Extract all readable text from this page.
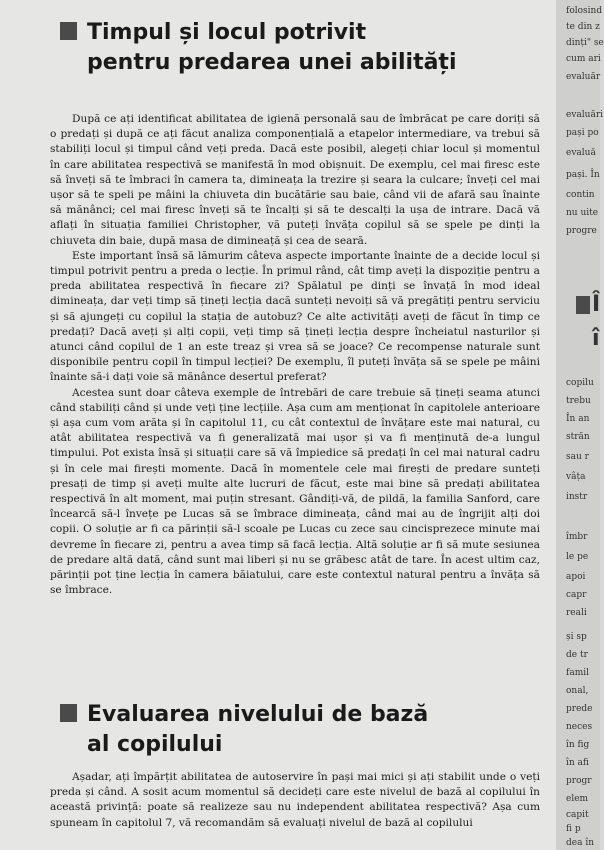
Timpul și locul potrivit
pentru predarea unei abilități

După ce ați identificat abilitatea de igienă personală sau de îmbrăcat pe care doriți să o predați și după ce ați făcut analiza componențială a etapelor intermediare, va trebui să stabiliți locul și timpul când veți preda. Dacă este posibil, alegeți chiar locul și momentul în care abilitatea respectivă se manifestă în mod obișnuit. De exemplu, cel mai firesc este să înveți să te îmbraci în camera ta, dimineața la trezire și seara la culcare; înveți cel mai ușor să te speli pe mâini la chiuveta din bucătărie sau baie, când vii de afară sau înainte să mănânci; cel mai firesc înveți să te încalți și să te descalți la ușa de intrare. Dacă vă aflați în situația familiei Christopher, vă puteți învăța copilul să se spele pe dinți la chiuveta din baie, după masa de dimineață și cea de seară.

Este important însă să lămurim câteva aspecte importante înainte de a decide locul și timpul potrivit pentru a preda o lecție. În primul rând, cât timp aveți la dispoziție pentru a preda abilitatea respectivă în fiecare zi? Spălatul pe dinți se învață în mod ideal dimineața, dar veți timp să țineți lecția dacă sunteți nevoiți să vă pregătiți pentru serviciu și să ajungeți cu copilul la stația de autobuz? Ce alte activități aveți de făcut în timp ce predați? Dacă aveți și alți copii, veți timp să țineți lecția despre încheiatul nasturilor și atunci când copilul de 1 an este treaz și vrea să se joace? Ce recompense naturale sunt disponibile pentru copil în timpul lecției? De exemplu, îl puteți învăța să se spele pe mâini înainte să-i dați voie să mănânce desertul preferat?

Acestea sunt doar câteva exemple de întrebări de care trebuie să țineți seama atunci când stabiliți când și unde veți ține lecțiile. Așa cum am menționat în capitolele anterioare și așa cum vom arăta și în capitolul 11, cu cât contextul de învățare este mai natural, cu atât abilitatea respectivă va fi generalizată mai ușor și va fi menținută de-a lungul timpului. Pot exista însă și situații care să vă împiedice să predați în cel mai natural cadru și în cele mai firești momente. Dacă în momentele cele mai firești de predare sunteți presați de timp și aveți multe alte lucruri de făcut, este mai bine să predați abilitatea respectivă în alt moment, mai puțin stresant. Gândiți-vă, de pildă, la familia Sanford, care încearcă să-l învețe pe Lucas să se îmbrace dimineața, când mai au de îngrijit alți doi copii. O soluție ar fi ca părinții să-l scoale pe Lucas cu zece sau cincisprezece minute mai devreme în fiecare zi, pentru a avea timp să facă lecția. Altă soluție ar fi să mute sesiunea de predare altă dată, când sunt mai liberi și nu se grăbesc atât de tare. În acest ultim caz, părinții pot ține lecția în camera băiatului, care este contextul natural pentru a învăța să se îmbrace.

Evaluarea nivelului de bază
al copilului

Așadar, ați împărțit abilitatea de autoservire în pași mai mici și ați stabilit unde o veți preda și când. A sosit acum momentul să decideți care este nivelul de bază al copilului în această privință: poate să realizeze sau nu independent abilitatea respectivă? Așa cum spuneam în capitolul 7, vă recomandăm să evaluați nivelul de bază al copilului

folosind
te din z
dinți" se
cum ari
evaluăr
evaluări
pași po
evaluă
pași. În
contin
nu uite
progre
Î
î
copilu
trebu
În an
străn
sau r
vâța
instr
îmbr
le pe
apoi
capr
reali
și sp
de tr
famil
onal,
prede
neces
în fig
în afi
progr
elem
capit
fi p
dea în
